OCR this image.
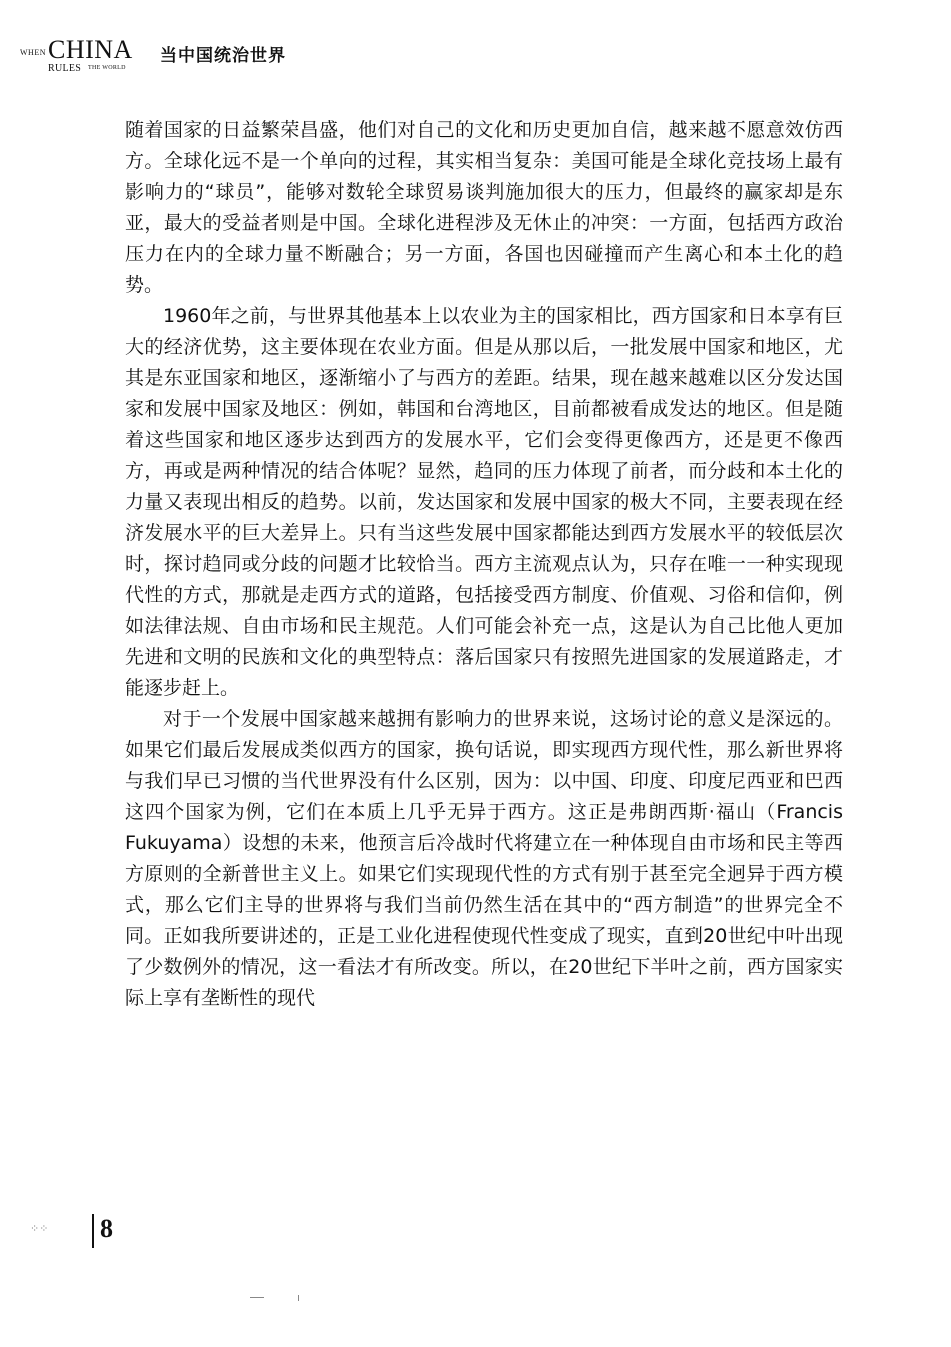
WHEN CHINA
RULES THE WORLD
当中国统治世界

随着国家的日益繁荣昌盛，他们对自己的文化和历史更加自信，越来越不愿意效仿西方。全球化远不是一个单向的过程，其实相当复杂：美国可能是全球化竞技场上最有影响力的“球员”，能够对数轮全球贸易谈判施加很大的压力，但最终的赢家却是东亚，最大的受益者则是中国。全球化进程涉及无休止的冲突：一方面，包括西方政治压力在内的全球力量不断融合；另一方面，各国也因碰撞而产生离心和本土化的趋势。

1960年之前，与世界其他基本上以农业为主的国家相比，西方国家和日本享有巨大的经济优势，这主要体现在农业方面。但是从那以后，一批发展中国家和地区，尤其是东亚国家和地区，逐渐缩小了与西方的差距。结果，现在越来越难以区分发达国家和发展中国家及地区：例如，韩国和台湾地区，目前都被看成发达的地区。但是随着这些国家和地区逐步达到西方的发展水平，它们会变得更像西方，还是更不像西方，再或是两种情况的结合体呢？显然，趋同的压力体现了前者，而分歧和本土化的力量又表现出相反的趋势。以前，发达国家和发展中国家的极大不同，主要表现在经济发展水平的巨大差异上。只有当这些发展中国家都能达到西方发展水平的较低层次时，探讨趋同或分歧的问题才比较恰当。西方主流观点认为，只存在唯一一种实现现代性的方式，那就是走西方式的道路，包括接受西方制度、价值观、习俗和信仰，例如法律法规、自由市场和民主规范。人们可能会补充一点，这是认为自己比他人更加先进和文明的民族和文化的典型特点：落后国家只有按照先进国家的发展道路走，才能逐步赶上。

对于一个发展中国家越来越拥有影响力的世界来说，这场讨论的意义是深远的。如果它们最后发展成类似西方的国家，换句话说，即实现西方现代性，那么新世界将与我们早已习惯的当代世界没有什么区别，因为：以中国、印度、印度尼西亚和巴西这四个国家为例，它们在本质上几乎无异于西方。这正是弗朗西斯·福山（Francis Fukuyama）设想的未来，他预言后冷战时代将建立在一种体现自由市场和民主等西方原则的全新普世主义上。如果它们实现现代性的方式有别于甚至完全迥异于西方模式，那么它们主导的世界将与我们当前仍然生活在其中的“西方制造”的世界完全不同。正如我所要讲述的，正是工业化进程使现代性变成了现实，直到20世纪中叶出现了少数例外的情况，这一看法才有所改变。所以，在20世纪下半叶之前，西方国家实际上享有垄断性的现代

⁘⁘ 8
